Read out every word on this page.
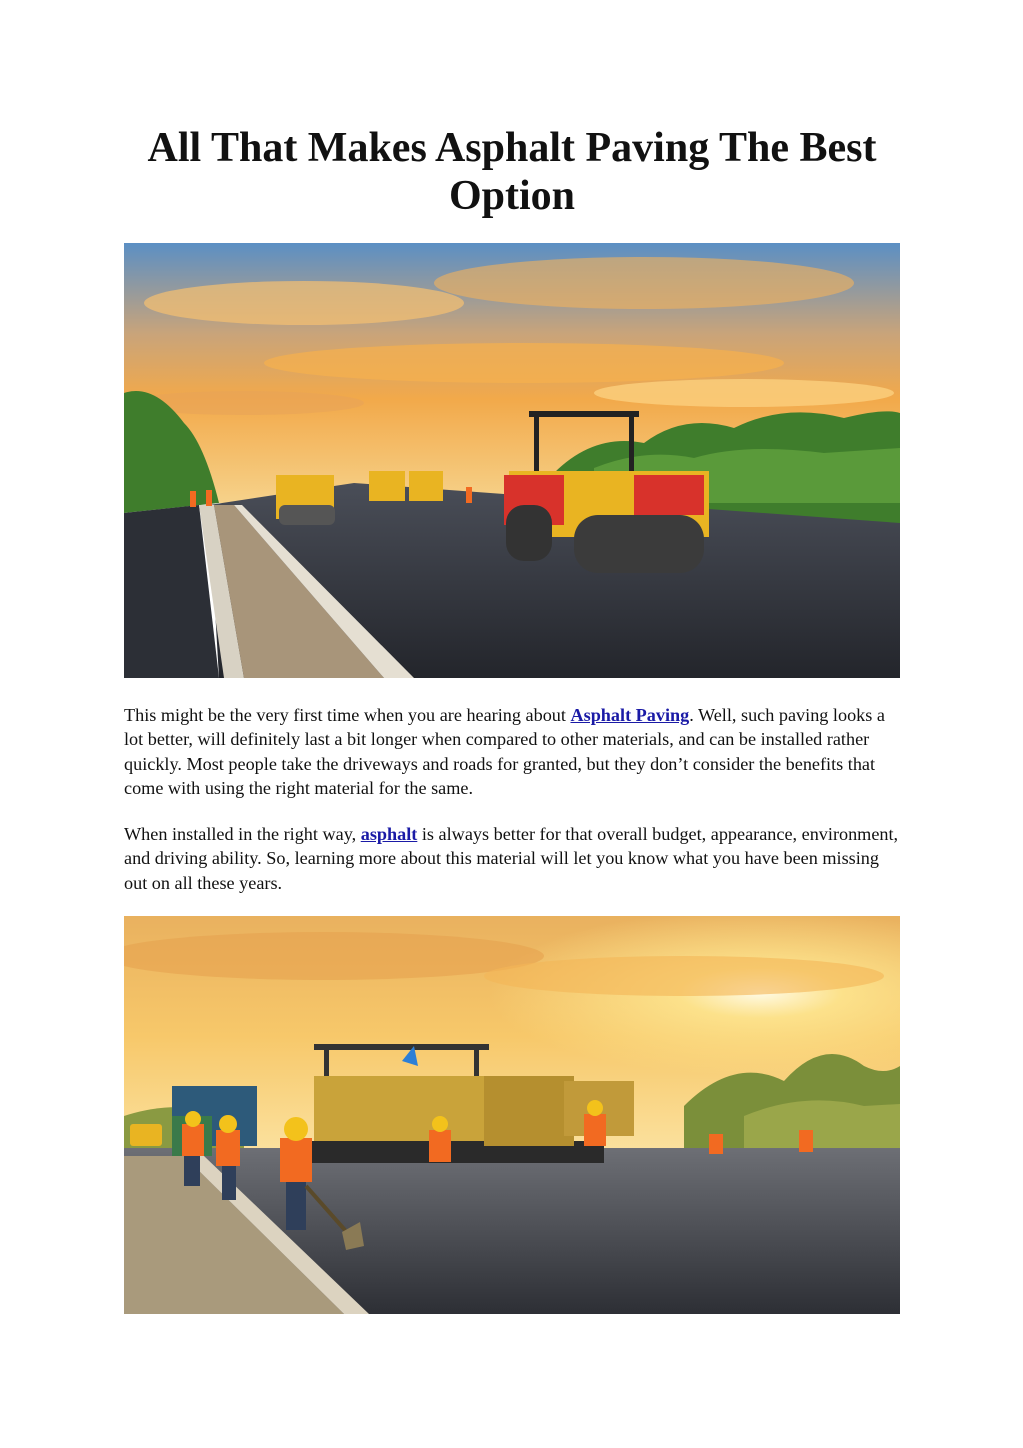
All That Makes Asphalt Paving The Best Option

This might be the very first time when you are hearing about Asphalt Paving. Well, such paving looks a lot better, will definitely last a bit longer when compared to other materials, and can be installed rather quickly. Most people take the driveways and roads for granted, but they don’t consider the benefits that come with using the right material for the same.

When installed in the right way, asphalt is always better for that overall budget, appearance, environment, and driving ability. So, learning more about this material will let you know what you have been missing out on all these years.
